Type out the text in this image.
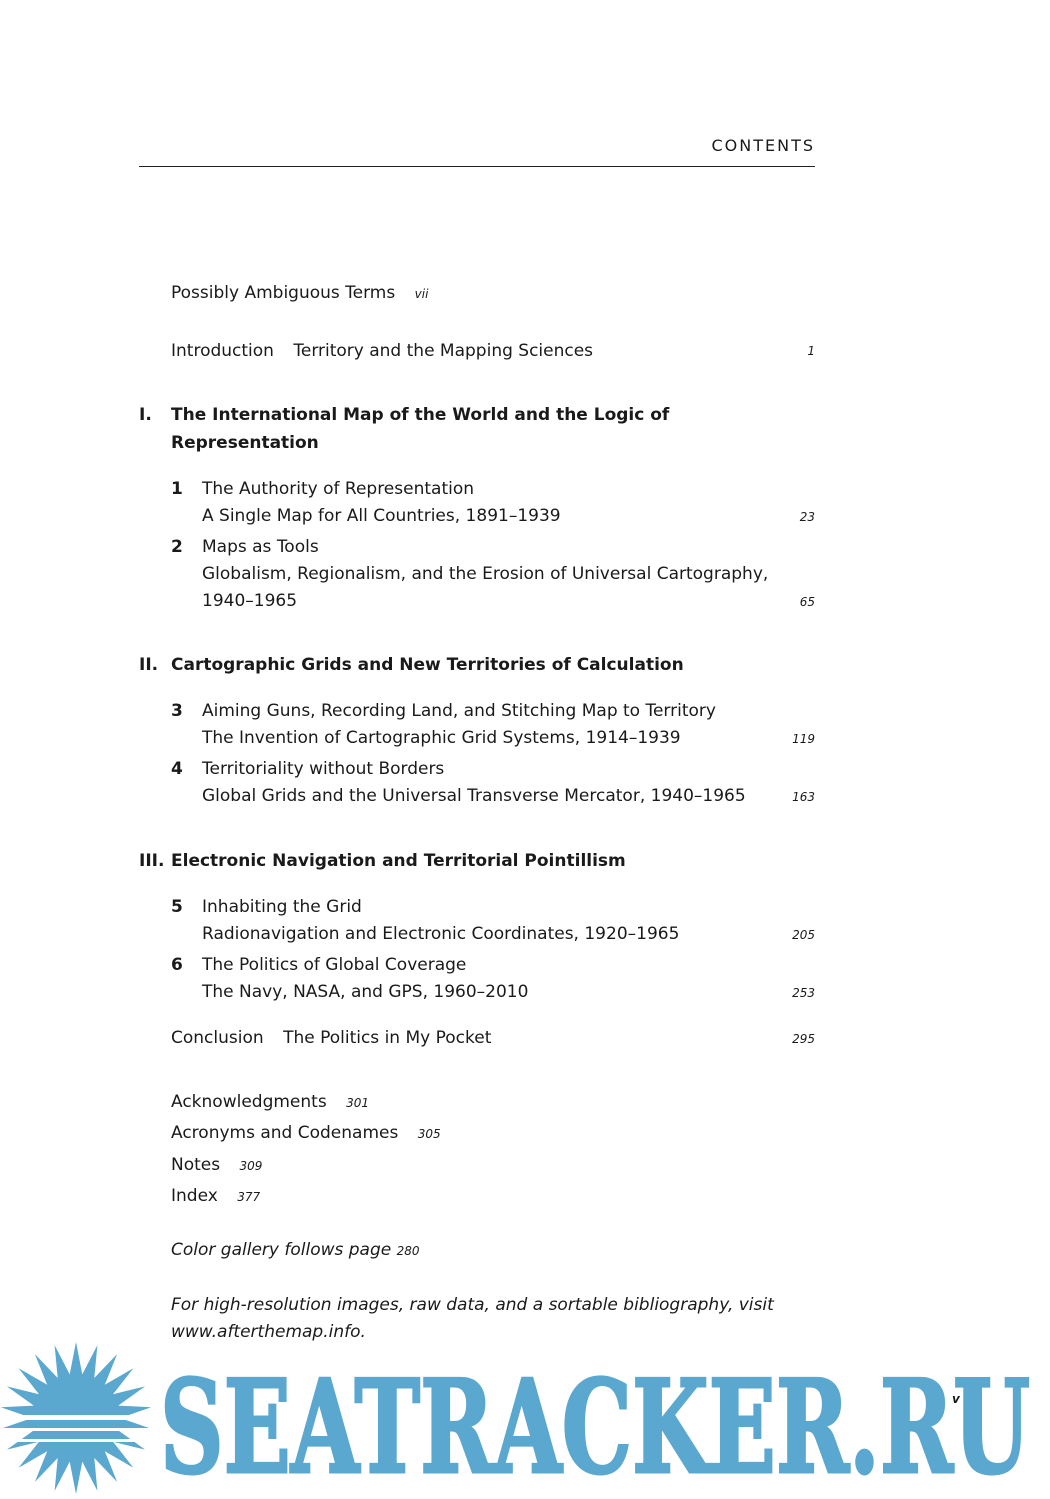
CONTENTS
Possibly Ambiguous Terms vii
Introduction Territory and the Mapping Sciences	1
I. The International Map of the World and the Logic of
Representation
1 The Authority of Representation
A Single Map for All Countries, 1891–1939	23
2 Maps as Tools
Globalism, Regionalism, and the Erosion of Universal Cartography,
1940–1965	65
II. Cartographic Grids and New Territories of Calculation
3 Aiming Guns, Recording Land, and Stitching Map to Territory
The Invention of Cartographic Grid Systems, 1914–1939	119
4 Territoriality without Borders
Global Grids and the Universal Transverse Mercator, 1940–1965	163
III. Electronic Navigation and Territorial Pointillism
5 Inhabiting the Grid
Radionavigation and Electronic Coordinates, 1920–1965	205
6 The Politics of Global Coverage
The Navy, NASA, and GPS, 1960–2010	253
Conclusion The Politics in My Pocket	295
Acknowledgments 301
Acronyms and Codenames 305
Notes 309
Index 377
Color gallery follows page 280
For high-resolution images, raw data, and a sortable bibliography, visit
www.afterthemap.info.
SEATRACKER.RU
v
